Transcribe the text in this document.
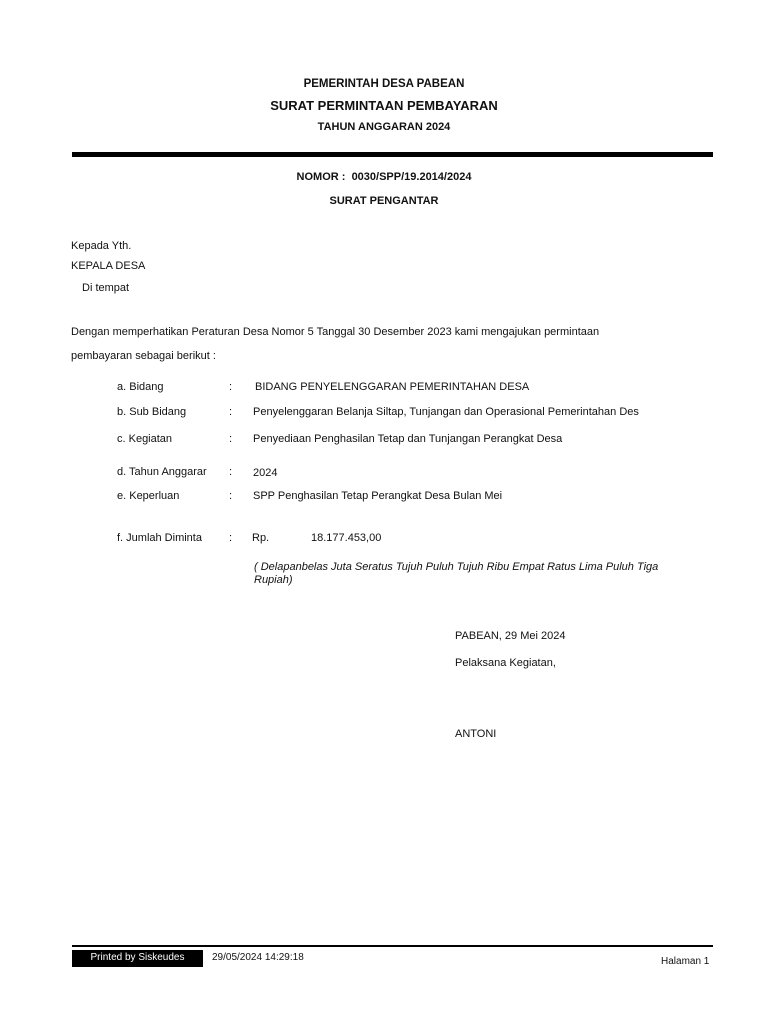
PEMERINTAH DESA PABEAN
SURAT PERMINTAAN PEMBAYARAN
TAHUN ANGGARAN 2024
NOMOR : 0030/SPP/19.2014/2024
SURAT PENGANTAR
Kepada Yth.
KEPALA DESA
Di tempat
Dengan memperhatikan Peraturan Desa Nomor 5 Tanggal 30 Desember 2023 kami mengajukan permintaan
pembayaran sebagai berikut :
a. Bidang	: BIDANG PENYELENGGARAN PEMERINTAHAN DESA
b. Sub Bidang	: Penyelenggaran Belanja Siltap, Tunjangan dan Operasional Pemerintahan Des
c. Kegiatan	: Penyediaan Penghasilan Tetap dan Tunjangan Perangkat Desa
d. Tahun Anggarar : 2024
e. Keperluan	: SPP Penghasilan Tetap Perangkat Desa Bulan Mei
f. Jumlah Diminta : Rp.	18.177.453,00
( Delapanbelas Juta Seratus Tujuh Puluh Tujuh Ribu Empat Ratus Lima Puluh Tiga Rupiah)
PABEAN, 29 Mei 2024
Pelaksana Kegiatan,
ANTONI
Printed by Siskeudes	29/05/2024 14:29:18	Halaman 1
